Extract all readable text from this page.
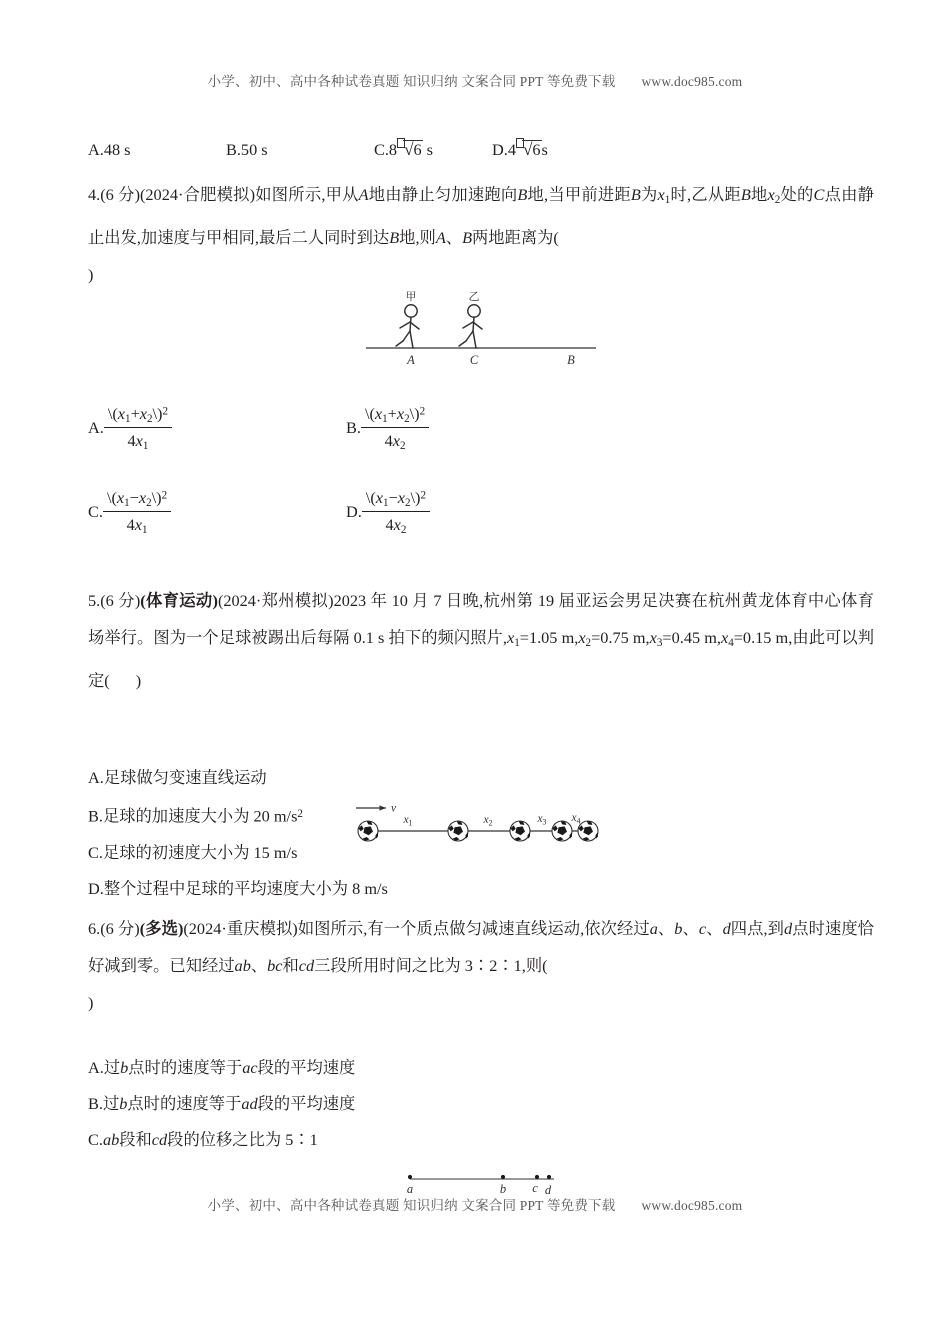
小学、初中、高中各种试卷真题 知识归纳 文案合同 PPT 等免费下载 www.doc985.com
A.48 s	B.50 s	C.8 √6 s	D.4 √6s
4.(6 分)(2024·合肥模拟)如图所示,甲从A地由静止匀加速跑向B地,当甲前进距B为$x_1$时,乙从距B地$x_2$处的C点由静止出发,加速度与甲相同,最后二人同时到达B地,则A、B两地距离为(
)
甲
A
乙
C	B
A. $\frac{\backslash(x_1+x_2\backslash)^2}{4x_1}$	B. $\frac{\backslash(x_1+x_2\backslash)^2}{4x_2}$
C. $\frac{\backslash(x_1-x_2\backslash)^2}{4x_1}$	D. $\frac{\backslash(x_1-x_2\backslash)^2}{4x_2}$
5.(6 分)(体育运动)(2024·郑州模拟)2023 年 10 月 7 日晚,杭州第 19 届亚运会男足决赛在杭州黄龙体育中心体育场举行。图为一个足球被踢出后每隔 0.1 s 拍下的频闪照片$,x_1=1.05$ $m,x_2=0.75$ $m,x_3=0.45$ $m,x_4=0.15$ m,由此可以判定( )
v
$x_1$	$x_2$	$x_3$ $x_4$
A.足球做匀变速直线运动
B.足球的加速度大小为 20 $m/s^2$
C.足球的初速度大小为 15 m/s
D.整个过程中足球的平均速度大小为 8 m/s
6.(6 分)(多选)(2024·重庆模拟)如图所示,有一个质点做匀减速直线运动,依次经过a、b、c、d四点,到d点时速度恰好减到零。已知经过ab、bc和cd三段所用时间之比为 3∶2∶1,则(
)
a	b c d
A.过b点时的速度等于ac段的平均速度
B.过b点时的速度等于ad段的平均速度
C.ab段和cd段的位移之比为 5∶1
小学、初中、高中各种试卷真题 知识归纳 文案合同 PPT 等免费下载 www.doc985.com
